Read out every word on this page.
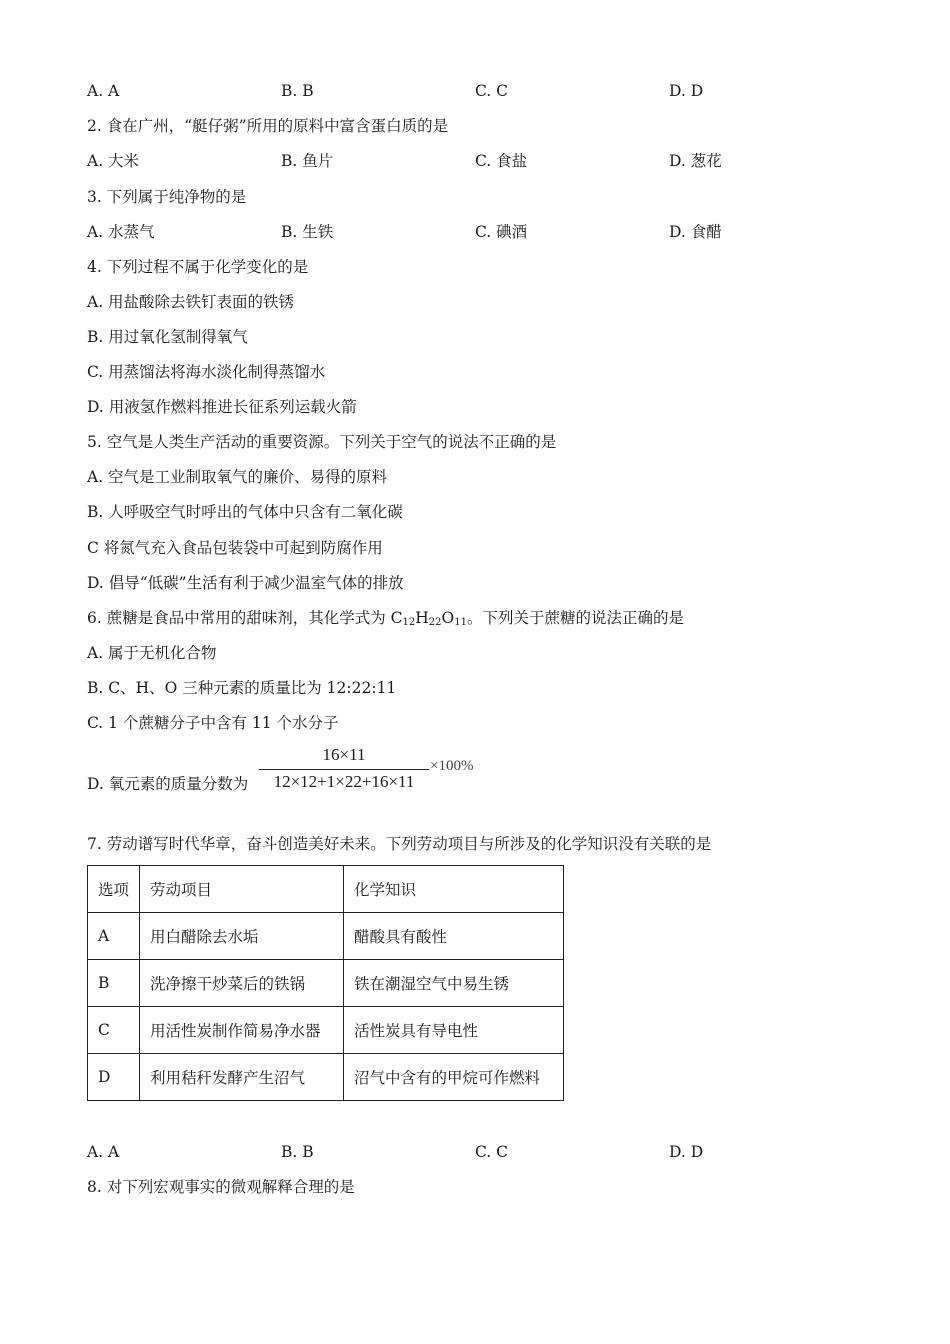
A. A	B. B	C. C	D. D
2. 食在广州，“艇仔粥”所用的原料中富含蛋白质的是
A. 大米	B. 鱼片	C. 食盐	D. 葱花
3. 下列属于纯净物的是
A. 水蒸气	B. 生铁	C. 碘酒	D. 食醋
4. 下列过程不属于化学变化的是
A. 用盐酸除去铁钉表面的铁锈
B. 用过氧化氢制得氧气
C. 用蒸馏法将海水淡化制得蒸馏水
D. 用液氢作燃料推进长征系列运载火箭
5. 空气是人类生产活动的重要资源。下列关于空气的说法不正确的是
A. 空气是工业制取氧气的廉价、易得的原料
B. 人呼吸空气时呼出的气体中只含有二氧化碳
C 将氮气充入食品包装袋中可起到防腐作用
D. 倡导“低碳”生活有利于减少温室气体的排放
6. 蔗糖是食品中常用的甜味剂，其化学式为 $C_{12}H_{22}O_{11}$。下列关于蔗糖的说法正确的是
A. 属于无机化合物
B. C、H、O 三种元素的质量比为 12:22:11
C. 1 个蔗糖分子中含有 11 个水分子
D. 氧元素的质量分数为
16×11
12×12+1×22+16×11
×100%
7. 劳动谱写时代华章，奋斗创造美好未来。下列劳动项目与所涉及的化学知识没有关联的是
选项	劳动项目	化学知识
A	用白醋除去水垢	醋酸具有酸性
B	洗净擦干炒菜后的铁锅	铁在潮湿空气中易生锈
C	用活性炭制作简易净水器	活性炭具有导电性
D	利用秸秆发酵产生沼气	沼气中含有的甲烷可作燃料
A. A	B. B	C. C	D. D
8. 对下列宏观事实的微观解释合理的是
